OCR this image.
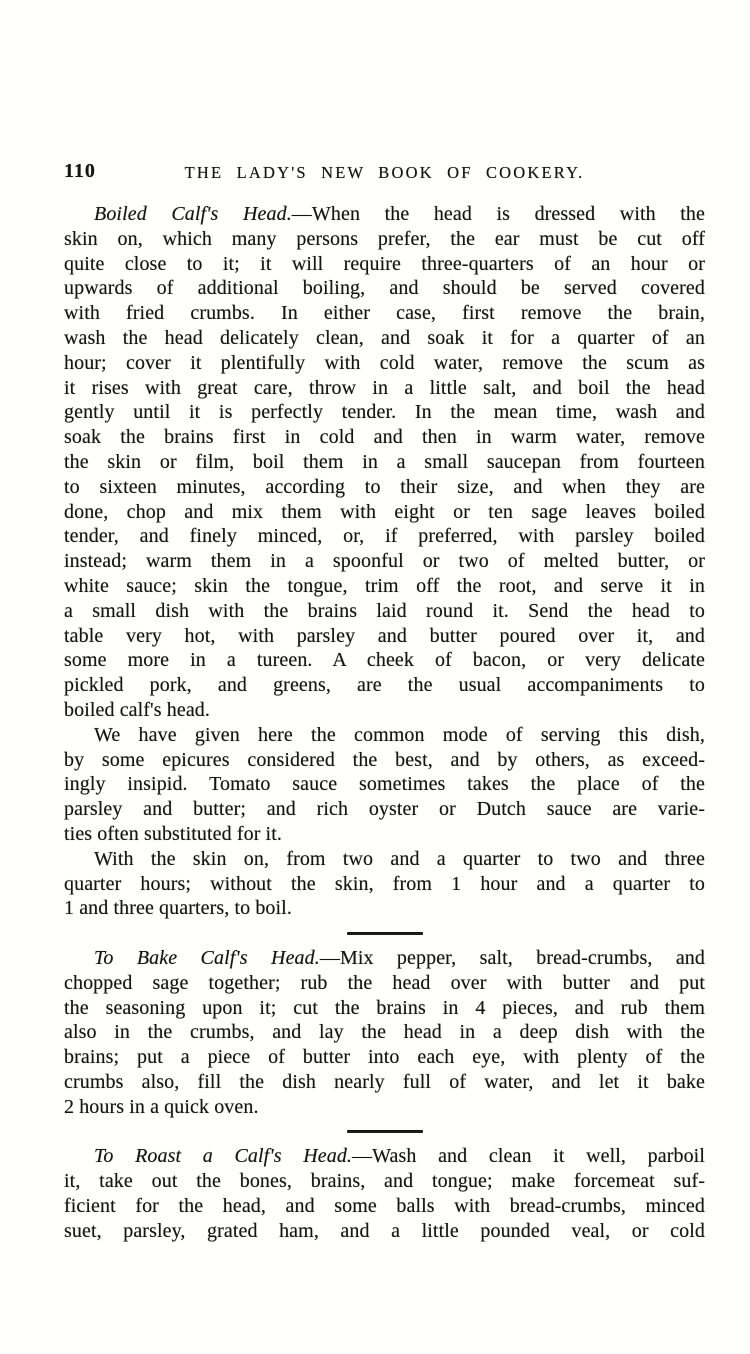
110	THE LADY'S NEW BOOK OF COOKERY.
Boiled Calf's Head.—When the head is dressed with the
skin on, which many persons prefer, the ear must be cut off
quite close to it; it will require three-quarters of an hour or
upwards of additional boiling, and should be served covered
with fried crumbs. In either case, first remove the brain,
wash the head delicately clean, and soak it for a quarter of an
hour; cover it plentifully with cold water, remove the scum as
it rises with great care, throw in a little salt, and boil the head
gently until it is perfectly tender. In the mean time, wash and
soak the brains first in cold and then in warm water, remove
the skin or film, boil them in a small saucepan from fourteen
to sixteen minutes, according to their size, and when they are
done, chop and mix them with eight or ten sage leaves boiled
tender, and finely minced, or, if preferred, with parsley boiled
instead; warm them in a spoonful or two of melted butter, or
white sauce; skin the tongue, trim off the root, and serve it in
a small dish with the brains laid round it. Send the head to
table very hot, with parsley and butter poured over it, and
some more in a tureen. A cheek of bacon, or very delicate
pickled pork, and greens, are the usual accompaniments to
boiled calf's head.
We have given here the common mode of serving this dish,
by some epicures considered the best, and by others, as exceed-
ingly insipid. Tomato sauce sometimes takes the place of the
parsley and butter; and rich oyster or Dutch sauce are varie-
ties often substituted for it.
With the skin on, from two and a quarter to two and three
quarter hours; without the skin, from 1 hour and a quarter to
1 and three quarters, to boil.
To Bake Calf's Head.—Mix pepper, salt, bread-crumbs, and
chopped sage together; rub the head over with butter and put
the seasoning upon it; cut the brains in 4 pieces, and rub them
also in the crumbs, and lay the head in a deep dish with the
brains; put a piece of butter into each eye, with plenty of the
crumbs also, fill the dish nearly full of water, and let it bake
2 hours in a quick oven.
To Roast a Calf's Head.—Wash and clean it well, parboil
it, take out the bones, brains, and tongue; make forcemeat suf-
ficient for the head, and some balls with bread-crumbs, minced
suet, parsley, grated ham, and a little pounded veal, or cold
